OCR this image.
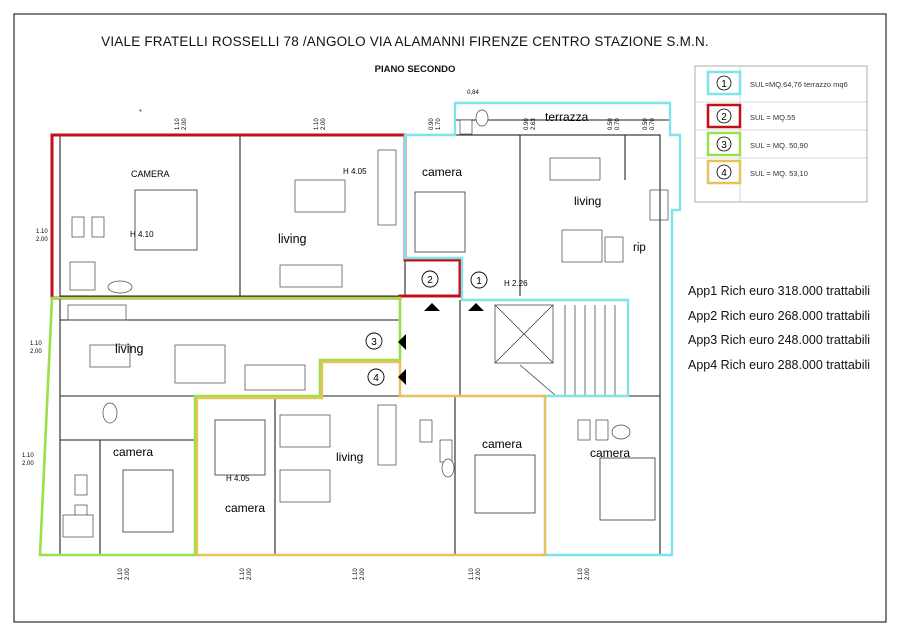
VIALE FRATELLI ROSSELLI 78 /ANGOLO VIA ALAMANNI FIRENZE CENTRO STAZIONE S.M.N.
PIANO SECONDO
1
2
3
4
CAMERA
H 4.10
H 4.05
living
camera
terrazza
living
rip
H 2.26
living
camera
H 4.05
camera
living
camera
camera
0,84
1.10
2.00
1.10
2.00
1.10
2.00
1.10 2.00	1.10 2.00	0.90 1.70	0.90 2.63	0.50 0.70	0.50 0.70
1.10 2.00	1.10 2.00	1.10 2.00	1.10 2.00	1.10 2.00
1	SUL=MQ.64,76 terrazzo mq6
2	SUL = MQ.55
3	SUL = MQ. 50,90
4	SUL = MQ. 53,10
App1 Rich euro 318.000 trattabili
App2 Rich euro 268.000 trattabili
App3 Rich euro 248.000 trattabili
App4 Rich euro 288.000 trattabili
